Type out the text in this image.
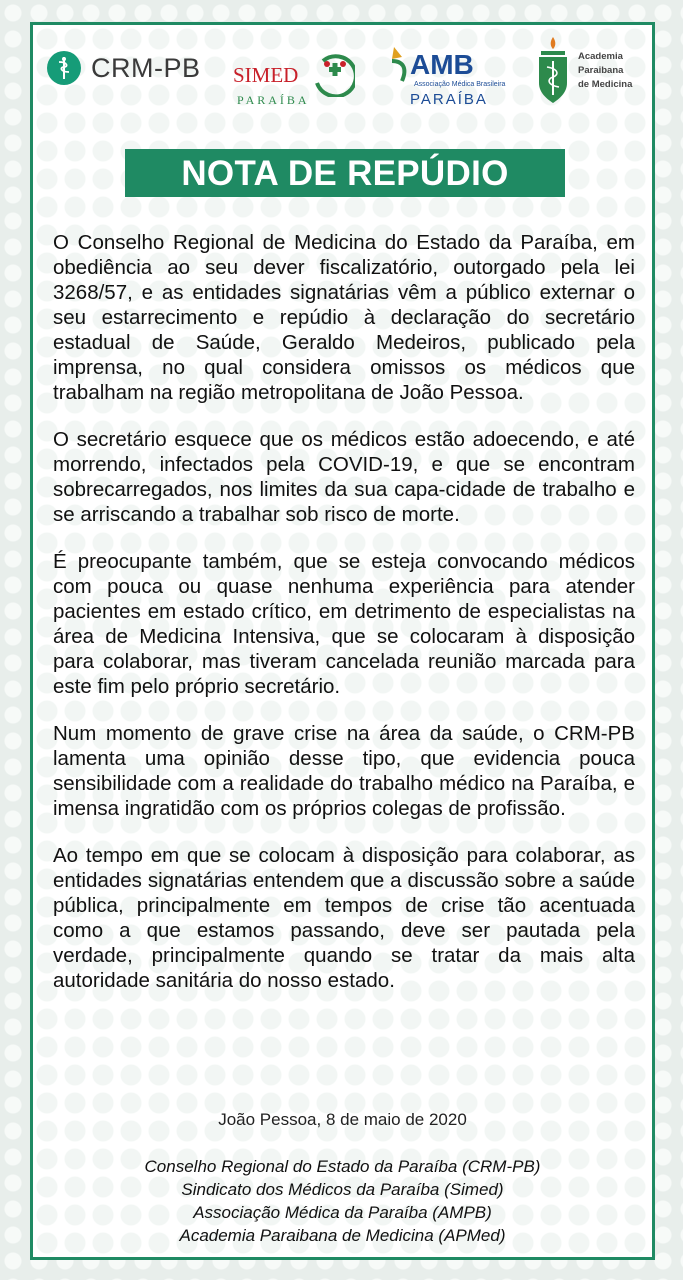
CRM-PB SIMED
PARAÍBA
AMB
Associação Médica Brasileira
PARAÍBA
Academia
Paraibana
de Medicina
NOTA DE REPÚDIO

O Conselho Regional de Medicina do Estado da Paraíba, em obediência ao seu dever fiscalizatório, outorgado pela lei 3268/57, e as entidades signatárias vêm a público externar o seu estarrecimento e repúdio à declaração do secretário estadual de Saúde, Geraldo Medeiros, publicado pela imprensa, no qual considera omissos os médicos que trabalham na região metropolitana de João Pessoa.

O secretário esquece que os médicos estão adoecendo, e até morrendo, infectados pela COVID-19, e que se encontram sobrecarregados, nos limites da sua capa-cidade de trabalho e se arriscando a trabalhar sob risco de morte.

É preocupante também, que se esteja convocando médicos com pouca ou quase nenhuma experiência para atender pacientes em estado crítico, em detrimento de especialistas na área de Medicina Intensiva, que se colocaram à disposição para colaborar, mas tiveram cancelada reunião marcada para este fim pelo próprio secretário.

Num momento de grave crise na área da saúde, o CRM-PB lamenta uma opinião desse tipo, que evidencia pouca sensibilidade com a realidade do trabalho médico na Paraíba, e imensa ingratidão com os próprios colegas de profissão.

Ao tempo em que se colocam à disposição para colaborar, as entidades signatárias entendem que a discussão sobre a saúde pública, principalmente em tempos de crise tão acentuada como a que estamos passando, deve ser pautada pela verdade, principalmente quando se tratar da mais alta autoridade sanitária do nosso estado.

João Pessoa, 8 de maio de 2020
Conselho Regional do Estado da Paraíba (CRM-PB)
Sindicato dos Médicos da Paraíba (Simed)
Associação Médica da Paraíba (AMPB)
Academia Paraibana de Medicina (APMed)
